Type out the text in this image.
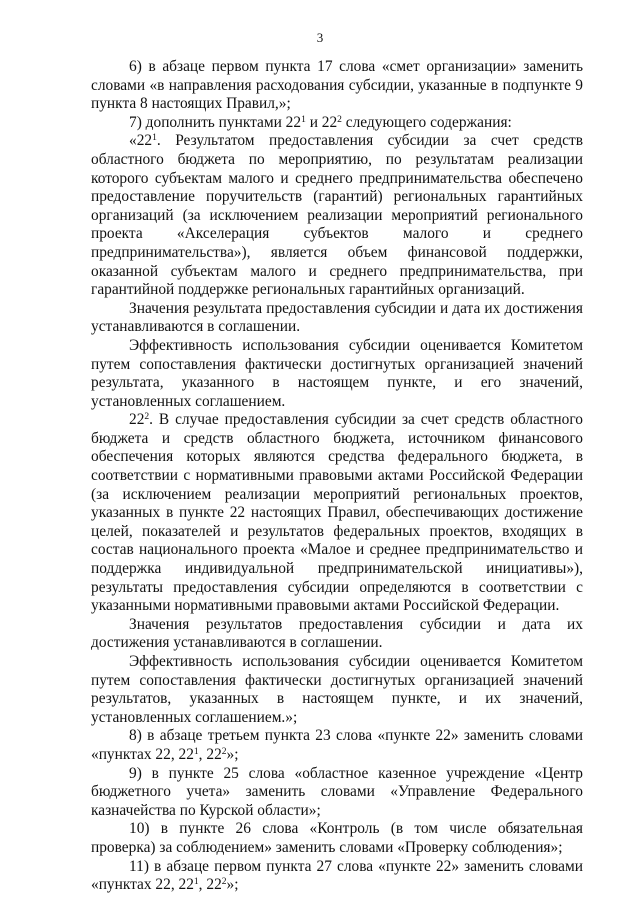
3

6) в абзаце первом пункта 17 слова «смет организации» заменить словами «в направления расходования субсидии, указанные в подпункте 9 пункта 8 настоящих Правил,»;

7) дополнить пунктами $22^1$ и $22^2$ следующего содержания:

«$22^1$. Результатом предоставления субсидии за счет средств областного бюджета по мероприятию, по результатам реализации которого субъектам малого и среднего предпринимательства обеспечено предоставление поручительств (гарантий) региональных гарантийных организаций (за исключением реализации мероприятий регионального проекта «Акселерация субъектов малого и среднего предпринимательства»), является объем финансовой поддержки, оказанной субъектам малого и среднего предпринимательства, при гарантийной поддержке региональных гарантийных организаций.

Значения результата предоставления субсидии и дата их достижения устанавливаются в соглашении.

Эффективность использования субсидии оценивается Комитетом путем сопоставления фактически достигнутых организацией значений результата, указанного в настоящем пункте, и его значений, установленных соглашением.

$22^2$. В случае предоставления субсидии за счет средств областного бюджета и средств областного бюджета, источником финансового обеспечения которых являются средства федерального бюджета, в соответствии с нормативными правовыми актами Российской Федерации (за исключением реализации мероприятий региональных проектов, указанных в пункте 22 настоящих Правил, обеспечивающих достижение целей, показателей и результатов федеральных проектов, входящих в состав национального проекта «Малое и среднее предпринимательство и поддержка индивидуальной предпринимательской инициативы»), результаты предоставления субсидии определяются в соответствии с указанными нормативными правовыми актами Российской Федерации.

Значения результатов предоставления субсидии и дата их достижения устанавливаются в соглашении.

Эффективность использования субсидии оценивается Комитетом путем сопоставления фактически достигнутых организацией значений результатов, указанных в настоящем пункте, и их значений, установленных соглашением.»;

8) в абзаце третьем пункта 23 слова «пункте 22» заменить словами «пунктах 22, $22^1$, $22^2$»;

9) в пункте 25 слова «областное казенное учреждение «Центр бюджетного учета» заменить словами «Управление Федерального казначейства по Курской области»;

10) в пункте 26 слова «Контроль (в том числе обязательная проверка) за соблюдением» заменить словами «Проверку соблюдения»;

11) в абзаце первом пункта 27 слова «пункте 22» заменить словами «пунктах 22, $22^1$, $22^2$»;
